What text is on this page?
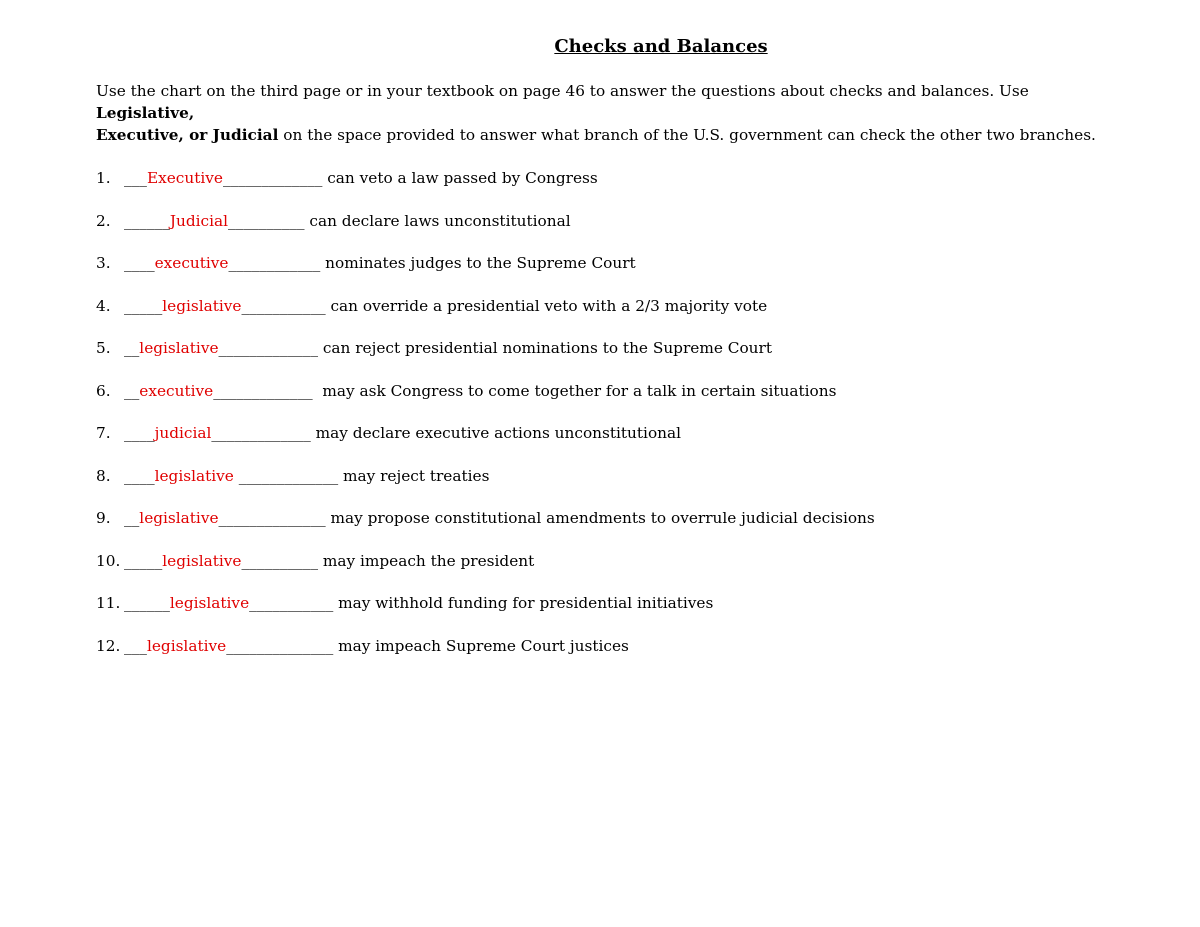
Checks and Balances
Use the chart on the third page or in your textbook on page 46 to answer the questions about checks and balances. Use Legislative,
Executive, or Judicial on the space provided to answer what branch of the U.S. government can check the other two branches.
1. ___ Executive _____________ can veto a law passed by Congress
2. ______ Judicial __________ can declare laws unconstitutional
3. ____ executive ____________ nominates judges to the Supreme Court
4. _____ legislative ___________ can override a presidential veto with a 2/3 majority vote
5. __ legislative _____________ can reject presidential nominations to the Supreme Court
6. __ executive _____________  may ask Congress to come together for a talk in certain situations
7. ____ judicial _____________ may declare executive actions unconstitutional
8. ____ legislative _____________ may reject treaties
9. __ legislative ______________ may propose constitutional amendments to overrule judicial decisions
10. _____ legislative __________ may impeach the president
11. ______ legislative ___________ may withhold funding for presidential initiatives
12. ___ legislative ______________ may impeach Supreme Court justices
